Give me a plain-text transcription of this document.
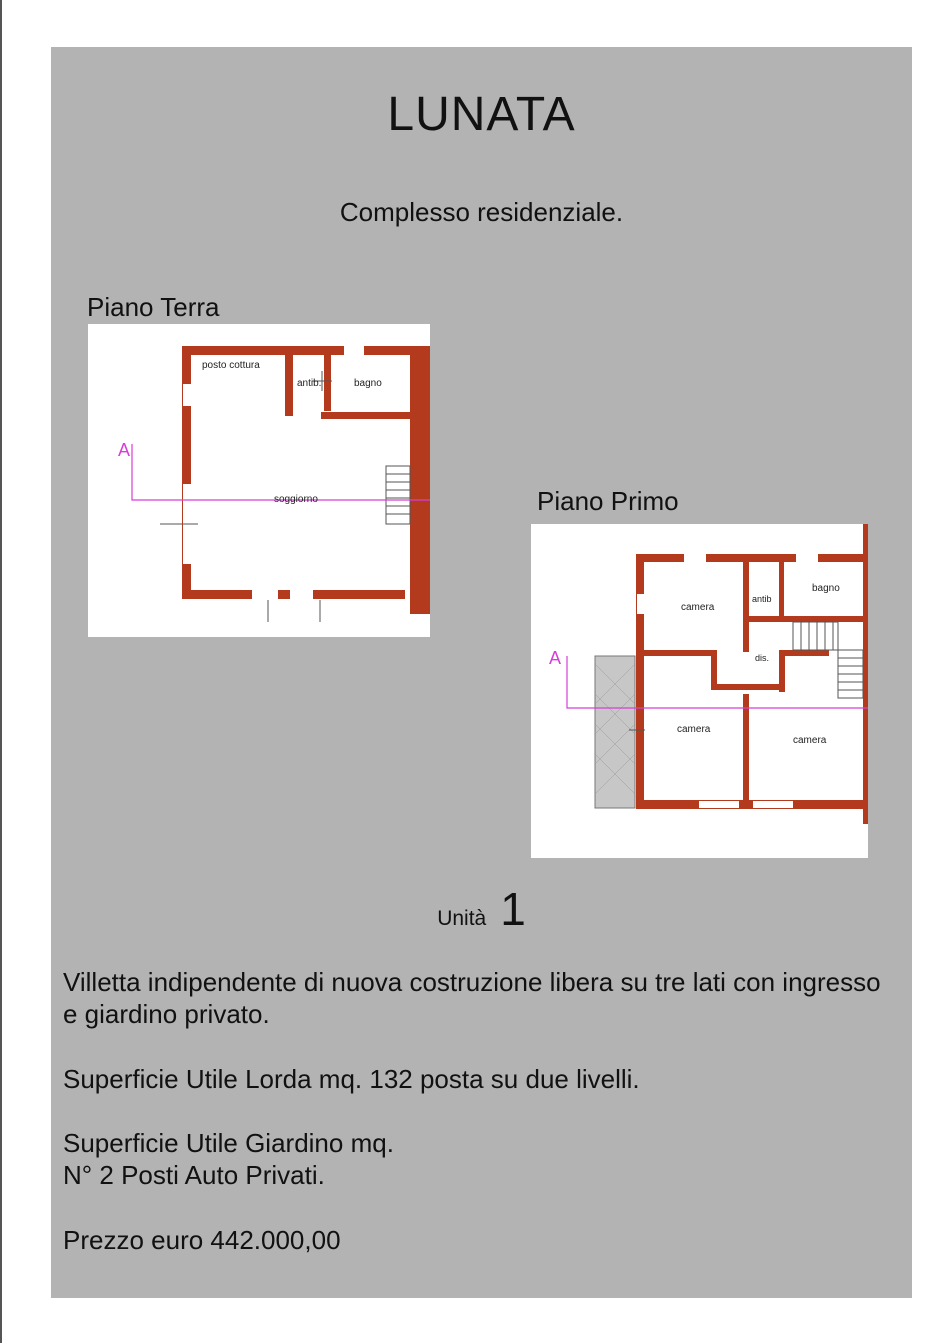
LUNATA
Complesso residenziale.
Piano Terra
A
posto cottura
antib.	bagno
soggiorno	Piano Primo
A
camera
antib
bagno
dis.
camera
camera
Unità 1
Villetta indipendente di nuova costruzione libera su tre lati con ingresso e giardino privato.
Superficie Utile Lorda mq. 132 posta su due livelli.
Superficie Utile Giardino mq.
N° 2 Posti Auto Privati.
Prezzo euro 442.000,00
